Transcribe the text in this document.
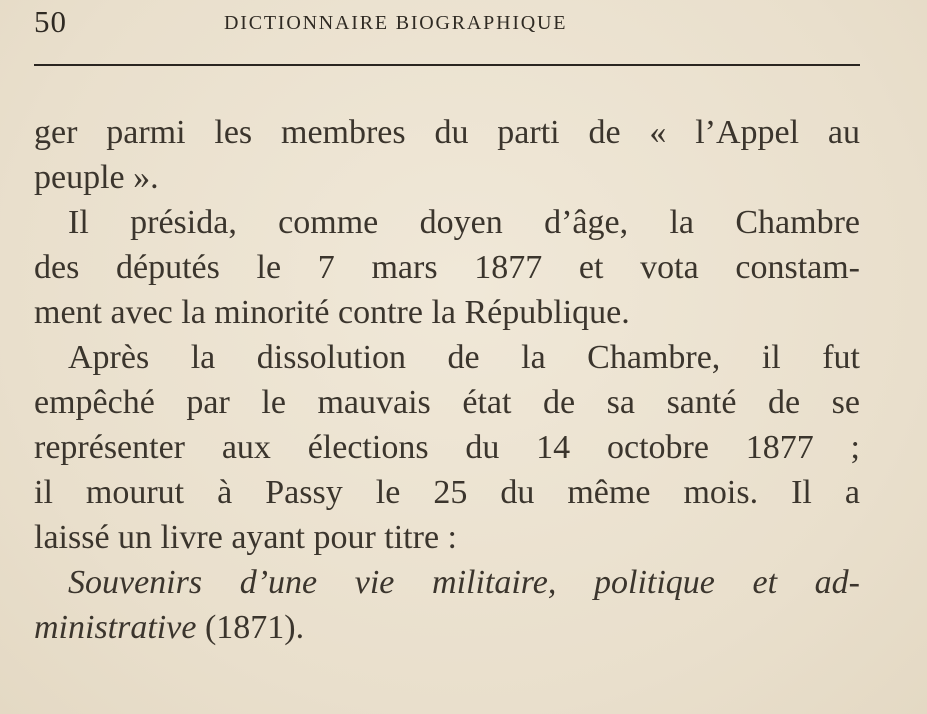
50	DICTIONNAIRE BIOGRAPHIQUE

ger parmi les membres du parti de « l’Appel au
peuple ».

Il présida, comme doyen d’âge, la Chambre
des députés le 7 mars 1877 et vota constam-
ment avec la minorité contre la République.

Après la dissolution de la Chambre, il fut
empêché par le mauvais état de sa santé de se
représenter aux élections du 14 octobre 1877 ;
il mourut à Passy le 25 du même mois. Il a
laissé un livre ayant pour titre :

Souvenirs d’une vie militaire, politique et ad-
ministrative (1871).
